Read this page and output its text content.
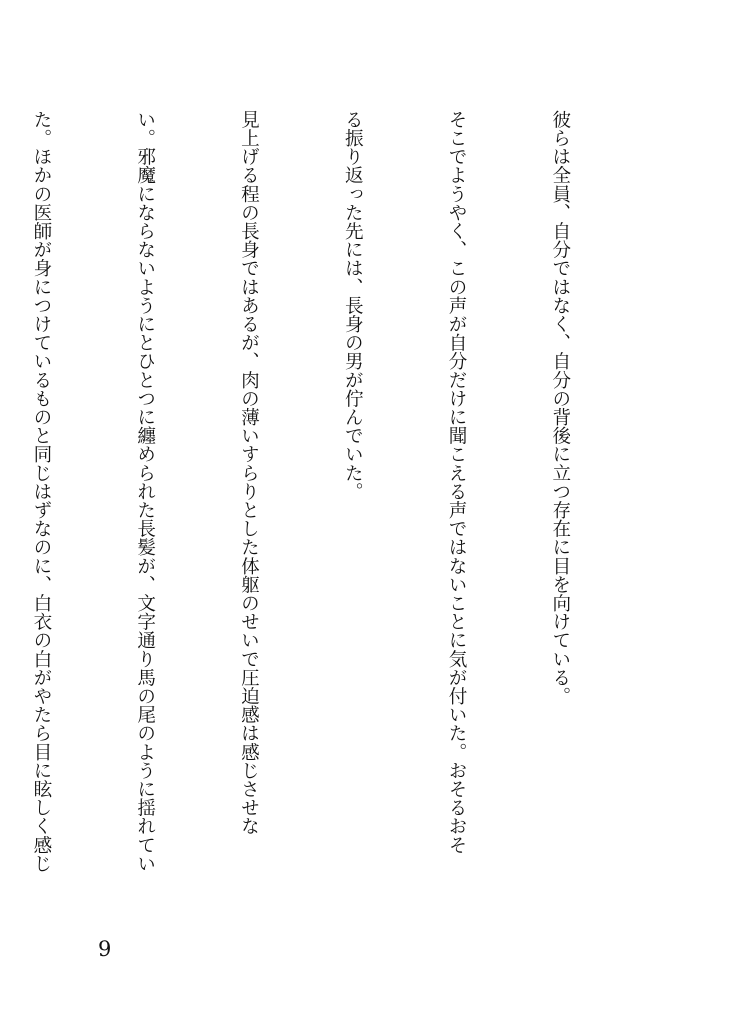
彼らは全員、自分ではなく、自分の背後に立つ存在に目を向けている。

そこでようやく、この声が自分だけに聞こえる声ではないことに気が付いた。おそるおそ

る振り返った先には、長身の男が佇んでいた。

見上げる程の長身ではあるが、肉の薄いすらりとした体躯のせいで圧迫感は感じさせな

い。邪魔にならないようにとひとつに纏められた長髪が、文字通り馬の尾のように揺れてい

た。ほかの医師が身につけているものと同じはずなのに、白衣の白がやたら目に眩しく感じ

9
